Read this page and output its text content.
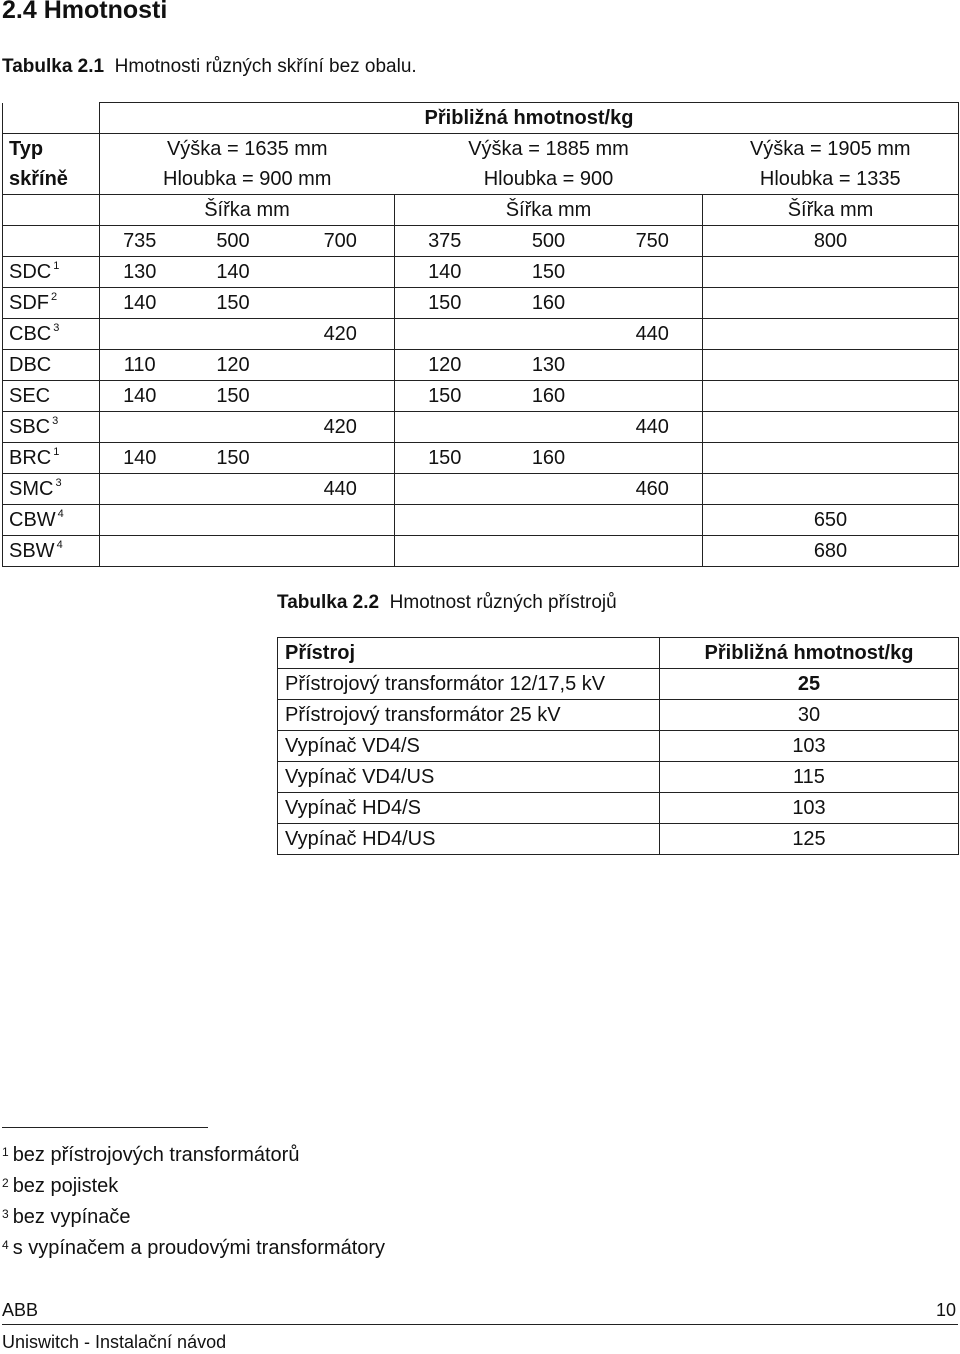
2.4 Hmotnosti
Tabulka 2.1 Hmotnosti různých skříní bez obalu.
	Přibližná hmotnost/kg						
Typ	Výška = 1635 mm			Výška = 1885 mm			Výška = 1905 mm
skříně	Hloubka = 900 mm			Hloubka = 900			Hloubka = 1335
	Šířka mm			Šířka mm			Šířka mm
	735	500	700	375	500	750	800
SDC $^1$	130	140		140	150		
SDF $^2$	140	150		150	160		
CBC $^3$			420			440	
DBC	110	120		120	130		
SEC	140	150		150	160		
SBC $^3$			420			440	
BRC $^1$	140	150		150	160		
SMC $^3$			440			460	
CBW $^4$							650
SBW $^4$							680
Tabulka 2.2 Hmotnost různých přístrojů
Přístroj	Přibližná hmotnost/kg
Přístrojový transformátor 12/17,5 kV	25
Přístrojový transformátor 25 kV	30
Vypínač VD4/S	103
Vypínač VD4/US	115
Vypínač HD4/S	103
Vypínač HD4/US	125
$^1$ bez přístrojových transformátorů
$^2$ bez pojistek
$^3$ bez vypínače
$^4$ s vypínačem a proudovými transformátory
ABB	10
Uniswitch - Instalační návod
